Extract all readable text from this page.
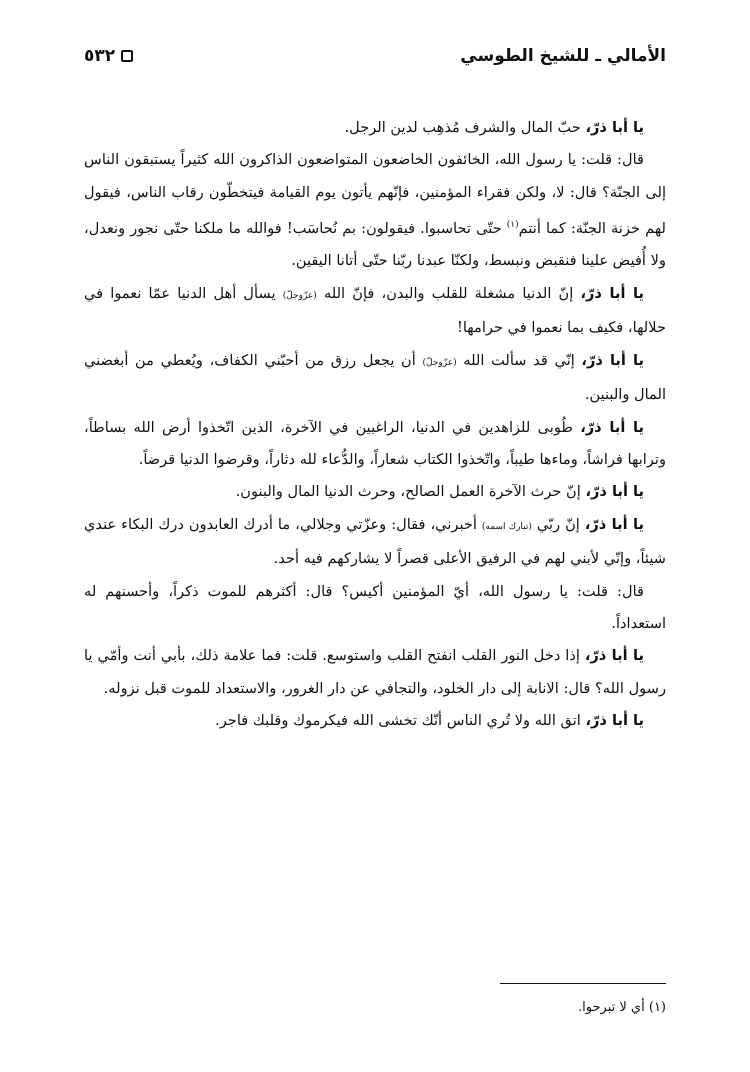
الأمالي ـ للشيخ الطوسي
٥٣٢

يا أبا ذرّ، حبّ المال والشرف مُذهِب لدين الرجل.

قال: قلت: يا رسول الله، الخائفون الخاضعون المتواضعون الذاكرون الله كثيراً يستبقون الناس إلى الجنّة؟ قال: لا، ولكن فقراء المؤمنين، فإنّهم يأتون يوم القيامة فيتخطّون رقاب الناس، فيقول لهم خزنة الجنّة: كما أنتم$^{(١)}$ حتّى تحاسبوا. فيقولون: بم نُحاسَب! فوالله ما ملكنا حتّى نجور ونعدل، ولا أُفيض علينا فنقبض ونبسط، ولكنّا عبدنا ربّنا حتّى أتانا اليقين.

يا أبا ذرّ، إنّ الدنيا مشغلة للقلب والبدن، فإنّ الله (عزّوجلّ) يسأل أهل الدنيا عمّا نعموا في حلالها، فكيف بما نعموا في حرامها!

يا أبا ذرّ، إنّي قد سألت الله (عزّوجلّ) أن يجعل رزق من أحبّني الكفاف، ويُعطي من أبغضني المال والبنين.

يا أبا ذرّ، طُوبى للزاهدين في الدنيا، الراغبين في الآخرة، الذين اتّخذوا أرض الله بساطاً، وترابها فراشاً، وماءها طيباً، واتّخذوا الكتاب شعاراً، والدُّعاء لله دثاراً، وقرضوا الدنيا قرضاً.

يا أبا ذرّ، إنّ حرث الآخرة العمل الصالح، وحرث الدنيا المال والبنون.

يا أبا ذرّ، إنّ ربّي (تبارك اسمه) أخبرني، فقال: وعزّتي وجلالي، ما أدرك العابدون درك البكاء عندي شيئاً، وإنّي لأبني لهم في الرفيق الأعلى قصراً لا يشاركهم فيه أحد.

قال: قلت: يا رسول الله، أيّ المؤمنين أكيس؟ قال: أكثرهم للموت ذكراً، وأحسنهم له استعداداً.

يا أبا ذرّ، إذا دخل النور القلب انفتح القلب واستوسع. قلت: فما علامة ذلك، بأبي أنت وأمّي يا رسول الله؟ قال: الانابة إلى دار الخلود، والتجافي عن دار الغرور، والاستعداد للموت قبل نزوله.

يا أبا ذرّ، اتق الله ولا تُري الناس أنّك تخشى الله فيكرموك وقلبك فاجر.

(١) أي لا تبرحوا.
